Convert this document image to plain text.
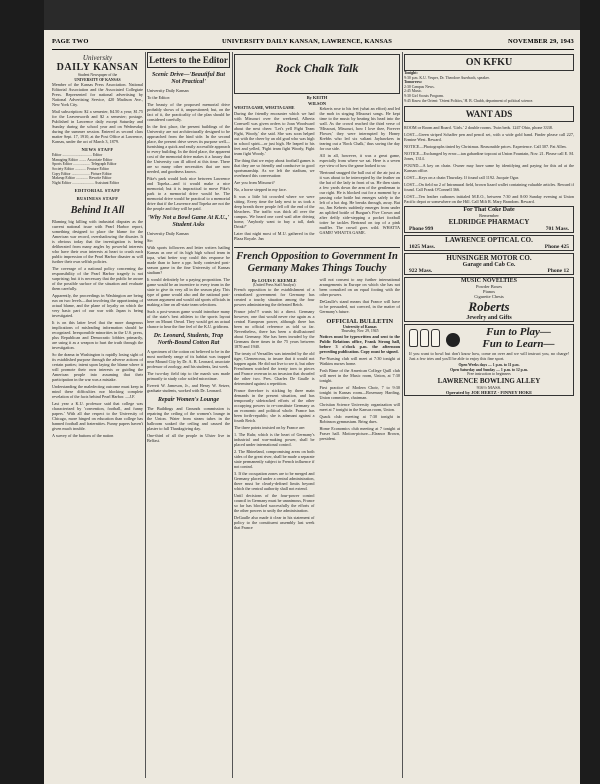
PAGE TWO	UNIVERSITY DAILY KANSAN, LAWRENCE, KANSAS	NOVEMBER 29, 1943
University
DAILY KANSAN
Student Newspaper of the
UNIVERSITY OF KANSAS

Member of the Kansas Press Association. National Editorial Association and the Associated Collegiate Press. Represented for national advertising by National Advertising Service, 420 Madison Ave., New York City.

Mail subscription: $2 a semester, $4.50 a year; $1.75 for the Leavenworth and $2 a semester; postage. Published in Lawrence daily except Saturday and Sunday during the school year and on Wednesday during the summer session. Entered as second class matter Sept. 17, 1910, at the Post Office at Lawrence, Kansas, under the act of March 3, 1879.

NEWS STAFF
Editor ............................... Editor
Managing Editor ........ Associate Editor
Sports Editor .................. Telegraph Editor
Society Editor ............ Feature Editor
Copy Editor ................... Picture Editor
Makeup Editor ............. Rewrite Editor
Night Editor ....................... Assistant Editor
EDITORIAL STAFF
BUSINESS STAFF
Behind It All

Blaming big killing with industrial disputes as the current national issue with Pearl Harbor report, something designed to place the blame for the American war record, overshadowing the disaster. It is obvious today that the investigation is being deliberated from many angles by powerful interests who have their own interests at heart to crush each public impression of the Pearl Harbor disaster as will further their own selfish policies.

The coverage of a national policy concerning the responsibility of the Pearl Harbor tragedy is not surprising; but it is necessary that the public be aware of the possible surface of the situation and evaluate them carefully.

Apparently, the proceedings in Washington are being run on two levels—that involving the apportioning of actual blame, and the plane of loyalty on which the very basic part of our war with Japan is being investigated.

It is on this latter level that the more dangerous implications of misleading information should be recognized. Irresponsible minorities in the U.S. press, plus Republican and Democratic lobbies primarily, are using it as a weapon to hurt the truth through the investigation.

So the drama in Washington is rapidly losing sight of its established purpose through the adverse actions of certain parties; intent upon laying the blame where it will promote their own interests or guiding the American people into assuming that their participation in the war was a mistake.

Understanding the maledecting outcome must keep in mind these difficulties nor blocking complete revelation of the facts behind Pearl Harbor. —J.F.

Last year a K.U. professor said that college was characterized by 'convention, football, and funny papers.' With all due respect to the University of Chicago, more hinged on education than college has banned football and fraternities. Funny papers haven't given much trouble.

A survey of the buttons of the nation

Letters to the Editor
Scenic Drive—'Beautiful But Not Practical'

University Daily Kansan

To the Editor:

The beauty of the proposed memorial drive probably shows of it, unquestioned; but, on the fact of it, the practicality of the plan should be considered carefully.

In the first place, the present buildings of the University are not architecturally designed to be approached from the hind side. In the second place, the present drive serves its purpose well—furnishing a quick and easily accessible approach to every building. In the third place, the apparent cost of the memorial drive makes it a luxury that the University can ill afford at this time. There are so many other necessities that are now needed, and goodness knows.

Pike's park would look nice between Lawrence and Topeka—and it would make a nice memorial; but it is impractical to move Pike's park to a memorial drive would be. The memorial drive would be practical to a memorial drive that if the Lawrence and Topeka are not the the people and they will be paid.

'Why Not a Bowl Game At K.U.,' Student Asks

University Daily Kansan

Sir:

With sports followers and letter writers hailing Kansas as one of its high high school team in topa, what better way could this response be made than to have a ppr. hotly contested post-season game in the fine University of Kansas stadium?

It would definitely be a paying proposition. The game would be an incentive to every team in the state to give its very all in the season play. This type of game would also and the national post-season argument and would aid sports officials in making a line on all-state team selections.

Such a post-season game would introduce many of the state's best athletes to the sports layout here on Mount Oread. They would get an actual chance to hear the fine feel of the K.U. gridirons.

Dr. Leonard, Students, Trap North-Bound Cotton Rat

A specimen of the cotton rat believed to be in the most northerly range of its habitat was trapped near Mound City by Dr. A. B. Leonard, associate professor of zoology, and his students, last week.

The two-day field trip to the marsh was made primarily to study color soiled microtinae.

Everett W. Jameson, Jr., and Henry W. Setzer, graduate students, worked with Dr. Leonard.

Repair Women's Lounge

The Buildings and Grounds commission is repairing the ceiling of the women's lounge in the Union. Water from steam tubes in the ballroom soaked the ceiling and caused the plaster to fall Thanksgiving day.

One-third of all the people in Ulster live in Belfast.

Rock Chalk Talk
By KEITH
WILSON
WHATTA GAME, WHATTA GAME

During the friendly encounter which we had with Missouri over the weekend, Alberta Cornwell was given orders to Joan Woodward about the next cheer. 'Let's yell Fight Team Fight, Woody,' she said. She was soon helped out with the cheer by an old grad who was high in school spirit—or just high. He leaped to his feet and yelled, 'Fight team fight Woody, Fight team fight Woody.'

The thing that we enjoy about football games is that they are so friendly and conducive to good sportsmanship. As we left the stadium, we overheard this conversation:

Are you from Missouri?

No, a horse stepped in my face.

It was a little bit crowded where we were sitting. Every time the lady next to us took a deep breath three people fell off the end of the bleachers. The traffic was thick all over the campus. We heard one coed wail after driving home, 'Anybody want to buy a tall, dark Drink?'

Later that night most of M.U. gathered in the Plaza Royale. Jan

Kekeris rose to his feet (what an effort) and led the mob in singing Missouri songs. He kept time to the music by beating his head into the wall. As the crowd reached the third verse of 'Missouri, Missouri, how I love thee, Forever Flower,' they were interrupted by Honey Krebbs who led six valiant Jayhawkers in tearing out a 'Rock Chalk,' thus saving the day for our side.

All in all, however, it was a great game, especially from where we sat. Here is a seven eye view of how the game looked to us:

'Bertrand snagged the ball out of the air just as it was about to be intercepted by the feather on the hat of the lady in front of us. He then starts a few yards down the arm of the gentleman to our right. He is blocked out for a moment by a passing coke bottle but emerges safely to the left of a hot dog. He breaks through, away. But no, Jim Keberts suddenly emerges from under an uplifted bottle of Burgun's Five Crown and after deftly side-stepping a pocket football totter he tackles Bertrand on top of a pink muffler. The crowd goes wild. WHATTA GAME! WHATTA GAME.

French Opposition to Government In Germany Makes Things Touchy
By LOUIS F. KEEMLE
(United Press Staff Analyst)

French opposition to the establishment of a centralized government for Germany has created a touchy situation among the four powers administering the defeated Reich.

France jobs!!! wants hit a direct. Germany however, one that would never rise again as a central European power, although there has been no official reference as told so far. Nevertheless, there has been a disillusioned about Germany. She has been invaded by the Germans three times in the 75 years between 1870 and 1940.

The treaty of Versailles was intended by the old tiger, Clemenceau, to insure that it would not happen again. He did not live to see it, but other Frenchmen watched the treaty torn to pieces and France overrun in an invasion that dwarfed the other two. Pres. Charles De Gaulle is determined against a repetition.

France therefore is sticking by three main demands in the present situation, and has temporarily sidetracked efforts of the other occupying powers to re-constitute Germany as an economic and political whole. France has been forth-republic; she is adamant against a fourth Reich.

The three points insisted on by France are:

1. The Ruhr, which is the heart of Germany's industrial and war-making power, shall be placed under international control.

2. The Rhineland, compromising areas on both sides of the great river, shall be made a separate state permanently subject to French influence if not control.

3. If the occupation zones are to be merged and Germany placed under a central administration, there must be clearly-defined limits beyond which the central authority shall not extend.

Until decisions of the four-power control council in Germany must be unanimous, France so far has blocked successfully the efforts of the other powers to unify the administration.

DeGaulle also made it clear in his statement of policy to the constituent assembly last week that France

will not consent to any further international arrangements in Europe on which she has not been consulted on an equal footing with the other powers.

DeGaulle's stand means that France will have to be persuaded, not coerced, in the matter of Germany's future.

OFFICIAL BULLETIN
University of Kansas
Thursday, Nov. 29, 1945

Notices must be typewritten and sent to the Public Relations office, Frank Strong hall, before 3 o'clock p.m. the afternoon preceding publication. Copy must be signed.

Pre-Nursing club will meet at 7:30 tonight at Watkins nurses home.

Fosh Bime of the American College Quill club will meet in the Music room, Union, at 7:30 tonight.

First practice of Modern Choir, 7 to 9:30 tonight in Kansas room—Rosemary Harding, Union committee, chairman.

Christian Science University organization will meet at 7 tonight in the Kansas room, Union.

Quack club meeting at 7:30 tonight in Robinson gymnasium. Bring dues.

Home Economics club meeting at 7 tonight at Fraser hall. Motion-picture—Eleanor Brown, president.

ON KFKU
Tonight:
9:30 p.m. K.U. Vesper, Dr. Theodore Auerbach, speaker.
Tomorrow:
2:30 Campus News.
2:45 Music.
9:30 Girl Scouts Program.
9:45 Know the Orient: 'Orient Politics,' H. B. Chubb, department of political science.
WANT ADS

ROOM or Room and Board. 'Girls.' 2 double rooms. Twin beds. 1247 Ohio, phone 3338.

LOST—Green striped Schaffer pen and pencil set, with a wide gold band. Finder please call 227, Ermine West. Reward.

NOTICE—Photographs tinted by Christmas. Reasonable prices. Experience. Call 307. Pat Allen.

NOTICE—Exchanged by error—tan gabardine topcoat at Union Fountain, Nov. 21. Please call E. M. Jones, 1314.

FOUND—A key on chain. Owner may have same by identifying and paying for this ad at the Kansan office.

LOST—Keys on a chain Thursday. If found call 1192. Jacquie Ogar.

LOST—On field no 2 of Intramural field, brown lizard wallet containing valuable articles. Reward if found. Call Frank O'Connell 366.

LOST—Ten leather cutbones initialed M.E.O., between 7:30 and 8:00 Sunday evening at Union Pacific depot or somewhere on the Hill. Call Milt R. Mary Brandom. Reward.

For That Coke Date
Remember
ELDRIDGE PHARMACY
Phone 999	701 Mass.
LAWRENCE OPTICAL CO.
1025 Mass.	Phone 425
HUNSINGER MOTOR CO.
Garage and Cab Co.
922 Mass.	Phone 12
MUSIC NOVELTIES
Powder Boxes
Pianos
Cigarette Chests
Roberts
Jewelry and Gifts
Fun to Play—
Fun to Learn—
If you want to bowl but don't know how, come on over and we will instruct you, no charge! Just a few tries and you'll be able to enjoy this fine sport.
Open Weeks days — 1 p.m. to 11 p.m.
Open Saturday and Sunday — 1 p.m. to 12 p.m.
Free instruction to beginners
LAWRENCE BOWLING ALLEY
916½ MASS.
Operated by JOE HERTZ - FINNEY HOKE
